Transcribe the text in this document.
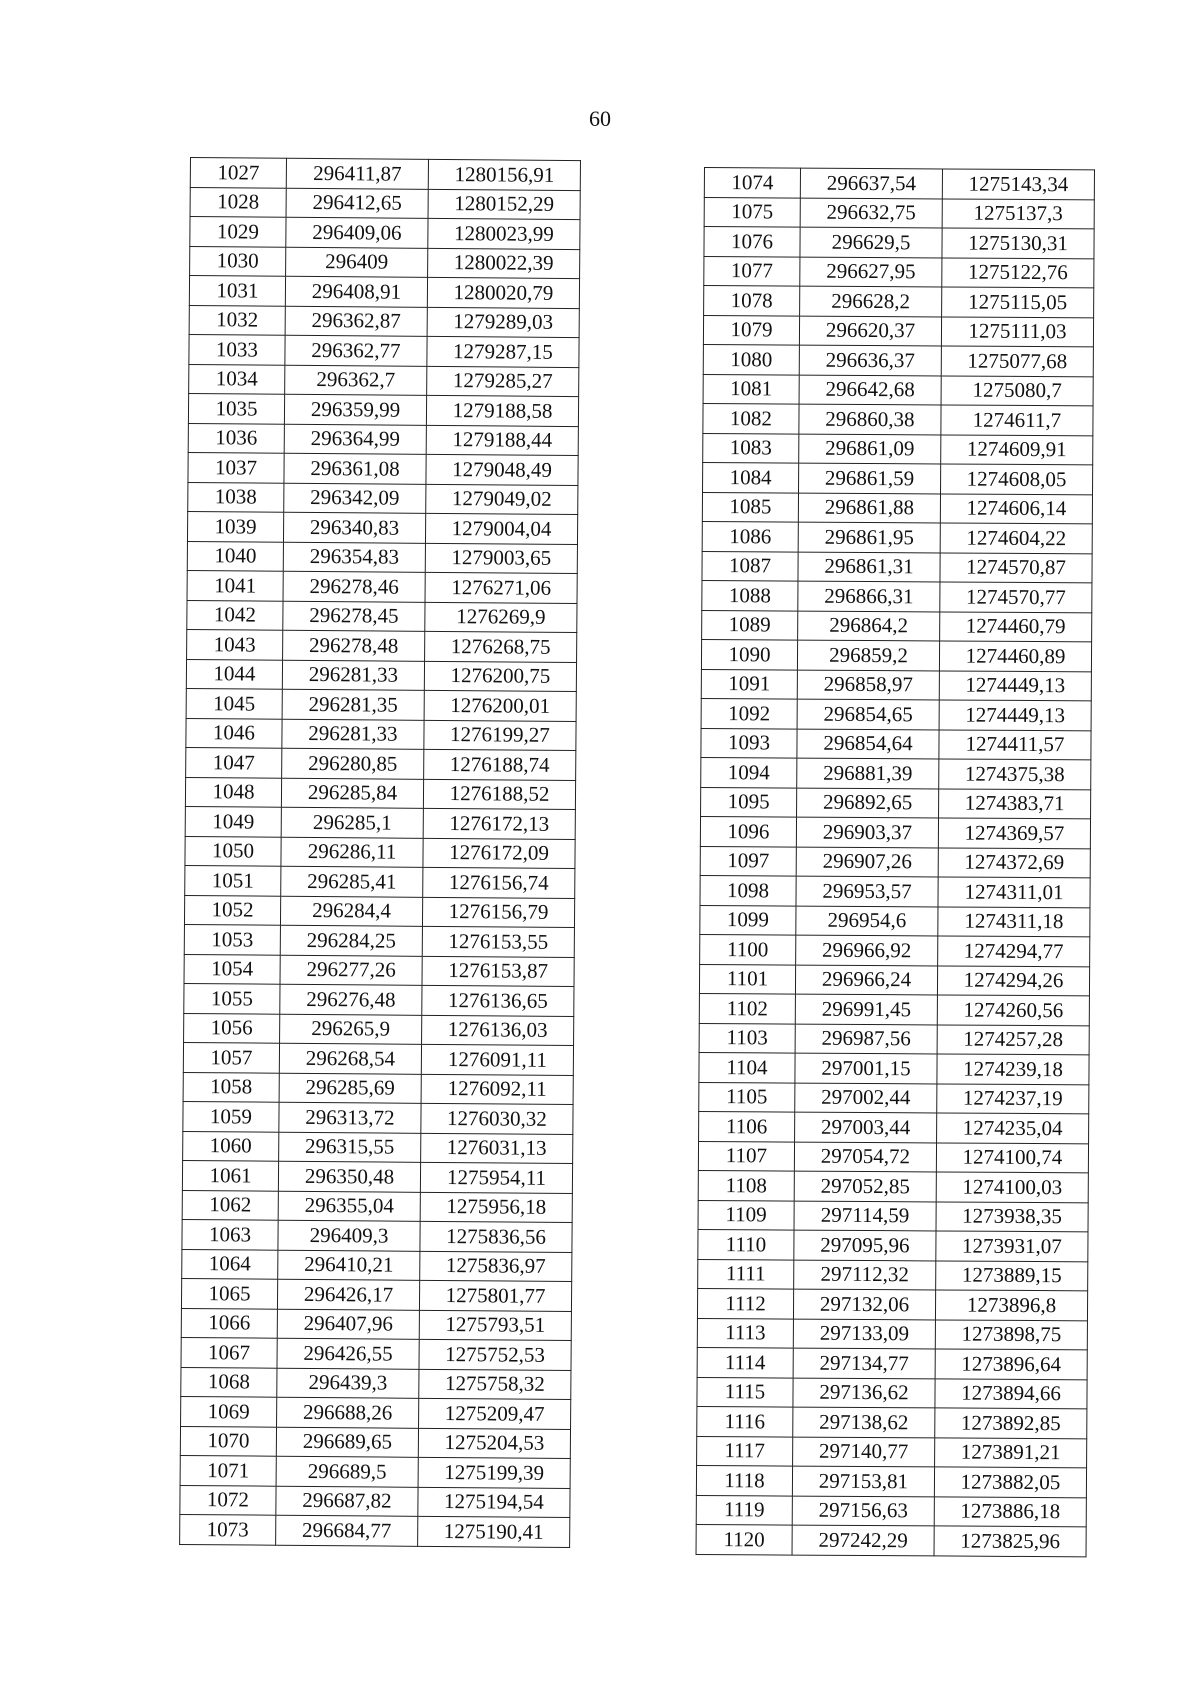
60
1027	296411,87	1280156,91
1028	296412,65	1280152,29
1029	296409,06	1280023,99
1030	296409	1280022,39
1031	296408,91	1280020,79
1032	296362,87	1279289,03
1033	296362,77	1279287,15
1034	296362,7	1279285,27
1035	296359,99	1279188,58
1036	296364,99	1279188,44
1037	296361,08	1279048,49
1038	296342,09	1279049,02
1039	296340,83	1279004,04
1040	296354,83	1279003,65
1041	296278,46	1276271,06
1042	296278,45	1276269,9
1043	296278,48	1276268,75
1044	296281,33	1276200,75
1045	296281,35	1276200,01
1046	296281,33	1276199,27
1047	296280,85	1276188,74
1048	296285,84	1276188,52
1049	296285,1	1276172,13
1050	296286,11	1276172,09
1051	296285,41	1276156,74
1052	296284,4	1276156,79
1053	296284,25	1276153,55
1054	296277,26	1276153,87
1055	296276,48	1276136,65
1056	296265,9	1276136,03
1057	296268,54	1276091,11
1058	296285,69	1276092,11
1059	296313,72	1276030,32
1060	296315,55	1276031,13
1061	296350,48	1275954,11
1062	296355,04	1275956,18
1063	296409,3	1275836,56
1064	296410,21	1275836,97
1065	296426,17	1275801,77
1066	296407,96	1275793,51
1067	296426,55	1275752,53
1068	296439,3	1275758,32
1069	296688,26	1275209,47
1070	296689,65	1275204,53
1071	296689,5	1275199,39
1072	296687,82	1275194,54
1073	296684,77	1275190,41
1074	296637,54	1275143,34
1075	296632,75	1275137,3
1076	296629,5	1275130,31
1077	296627,95	1275122,76
1078	296628,2	1275115,05
1079	296620,37	1275111,03
1080	296636,37	1275077,68
1081	296642,68	1275080,7
1082	296860,38	1274611,7
1083	296861,09	1274609,91
1084	296861,59	1274608,05
1085	296861,88	1274606,14
1086	296861,95	1274604,22
1087	296861,31	1274570,87
1088	296866,31	1274570,77
1089	296864,2	1274460,79
1090	296859,2	1274460,89
1091	296858,97	1274449,13
1092	296854,65	1274449,13
1093	296854,64	1274411,57
1094	296881,39	1274375,38
1095	296892,65	1274383,71
1096	296903,37	1274369,57
1097	296907,26	1274372,69
1098	296953,57	1274311,01
1099	296954,6	1274311,18
1100	296966,92	1274294,77
1101	296966,24	1274294,26
1102	296991,45	1274260,56
1103	296987,56	1274257,28
1104	297001,15	1274239,18
1105	297002,44	1274237,19
1106	297003,44	1274235,04
1107	297054,72	1274100,74
1108	297052,85	1274100,03
1109	297114,59	1273938,35
1110	297095,96	1273931,07
1111	297112,32	1273889,15
1112	297132,06	1273896,8
1113	297133,09	1273898,75
1114	297134,77	1273896,64
1115	297136,62	1273894,66
1116	297138,62	1273892,85
1117	297140,77	1273891,21
1118	297153,81	1273882,05
1119	297156,63	1273886,18
1120	297242,29	1273825,96
